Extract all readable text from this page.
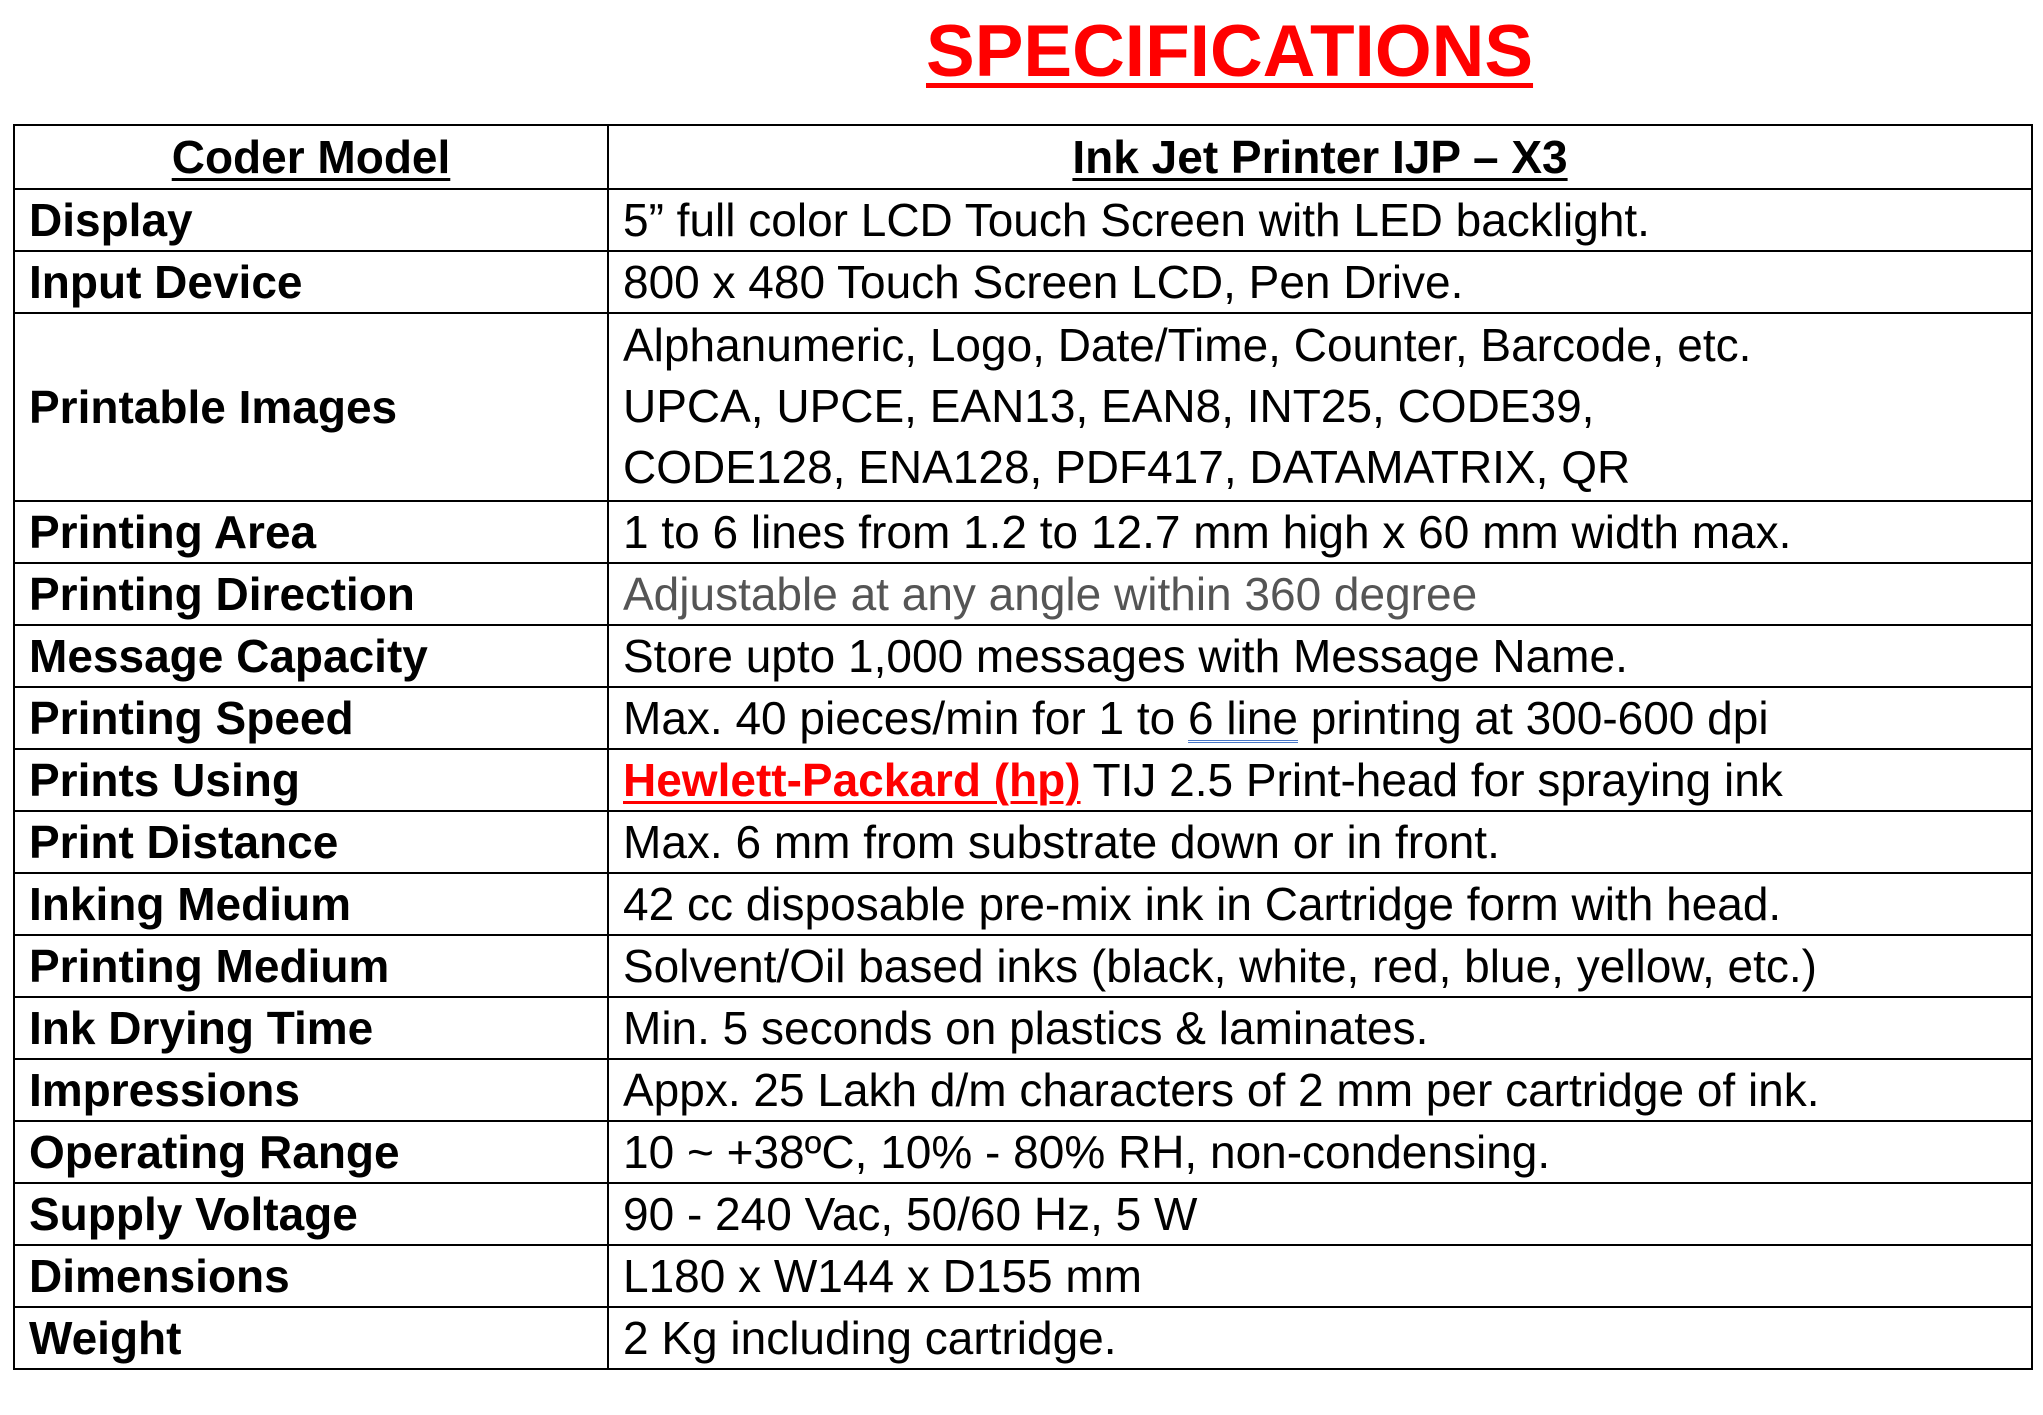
SPECIFICATIONS
Coder Model	Ink Jet Printer IJP – X3
Display	5” full color LCD Touch Screen with LED backlight.
Input Device	800 x 480 Touch Screen LCD, Pen Drive.
Printable Images	Alphanumeric, Logo, Date/Time, Counter, Barcode, etc.
UPCA, UPCE, EAN13, EAN8, INT25, CODE39,
CODE128, ENA128, PDF417, DATAMATRIX, QR

Printing Area	1 to 6 lines from 1.2 to 12.7 mm high x 60 mm width max.
Printing Direction	Adjustable at any angle within 360 degree
Message Capacity	Store upto 1,000 messages with Message Name.
Printing Speed	Max. 40 pieces/min for 1 to 6 line printing at 300-600 dpi
Prints Using	Hewlett-Packard (hp) TIJ 2.5 Print-head for spraying ink
Print Distance	Max. 6 mm from substrate down or in front.
Inking Medium	42 cc disposable pre-mix ink in Cartridge form with head.
Printing Medium	Solvent/Oil based inks (black, white, red, blue, yellow, etc.)
Ink Drying Time	Min. 5 seconds on plastics & laminates.
Impressions	Appx. 25 Lakh d/m characters of 2 mm per cartridge of ink.
Operating Range	10 ~ +38ºC, 10% - 80% RH, non-condensing.
Supply Voltage	90 - 240 Vac, 50/60 Hz, 5 W
Dimensions	L180 x W144 x D155 mm
Weight	2 Kg including cartridge.
